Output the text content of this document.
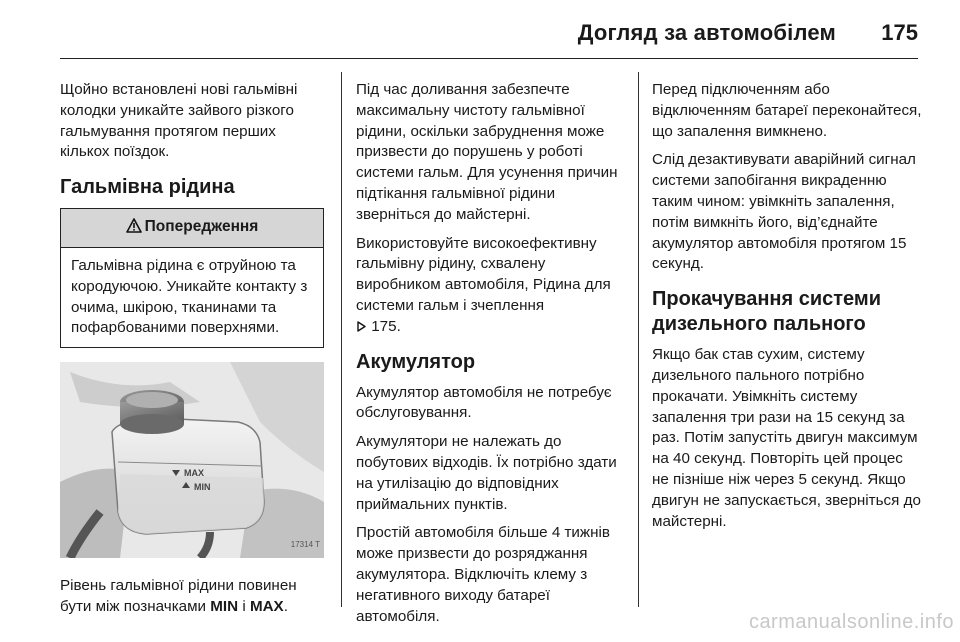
Догляд за автомобілем 175

Щойно встановлені нові гальмівні колодки уникайте зайвого різкого гальмування протягом перших кількох поїздок.

Гальмівна рідина
Попередження
Гальмівна рідина є отруйною та кородуючою. Уникайте контакту з очима, шкірою, тканинами та пофарбованими поверхнями.
MAX
MIN
17314 T

Рівень гальмівної рідини повинен бути між позначками MIN і MAX.

Під час доливання забезпечте максимальну чистоту гальмівної рідини, оскільки забруднення може призвести до порушень у роботі системи гальм. Для усунення причин підтікання гальмівної рідини зверніться до майстерні.

Використовуйте високоефективну гальмівну рідину, схвалену виробником автомобіля, Рідина для системи гальм і зчеплення
175.

Акумулятор

Акумулятор автомобіля не потребує обслуговування.

Акумулятори не належать до побутових відходів. Їх потрібно здати на утилізацію до відповідних приймальних пунктів.

Простій автомобіля більше 4 тижнів може призвести до розряджання акумулятора. Відключіть клему з негативного виходу батареї автомобіля.

Перед підключенням або відключенням батареї переконайтеся, що запалення вимкнено.

Слід дезактивувати аварійний сигнал системи запобігання викраденню таким чином: увімкніть запалення, потім вимкніть його, від’єднайте акумулятор автомобіля протягом 15 секунд.

Прокачування системи дизельного пального

Якщо бак став сухим, систему дизельного пального потрібно прокачати. Увімкніть систему запалення три рази на 15 секунд за раз. Потім запустіть двигун максимум на 40 секунд. Повторіть цей процес не пізніше ніж через 5 секунд. Якщо двигун не запускається, зверніться до майстерні.

carmanualsonline.info
